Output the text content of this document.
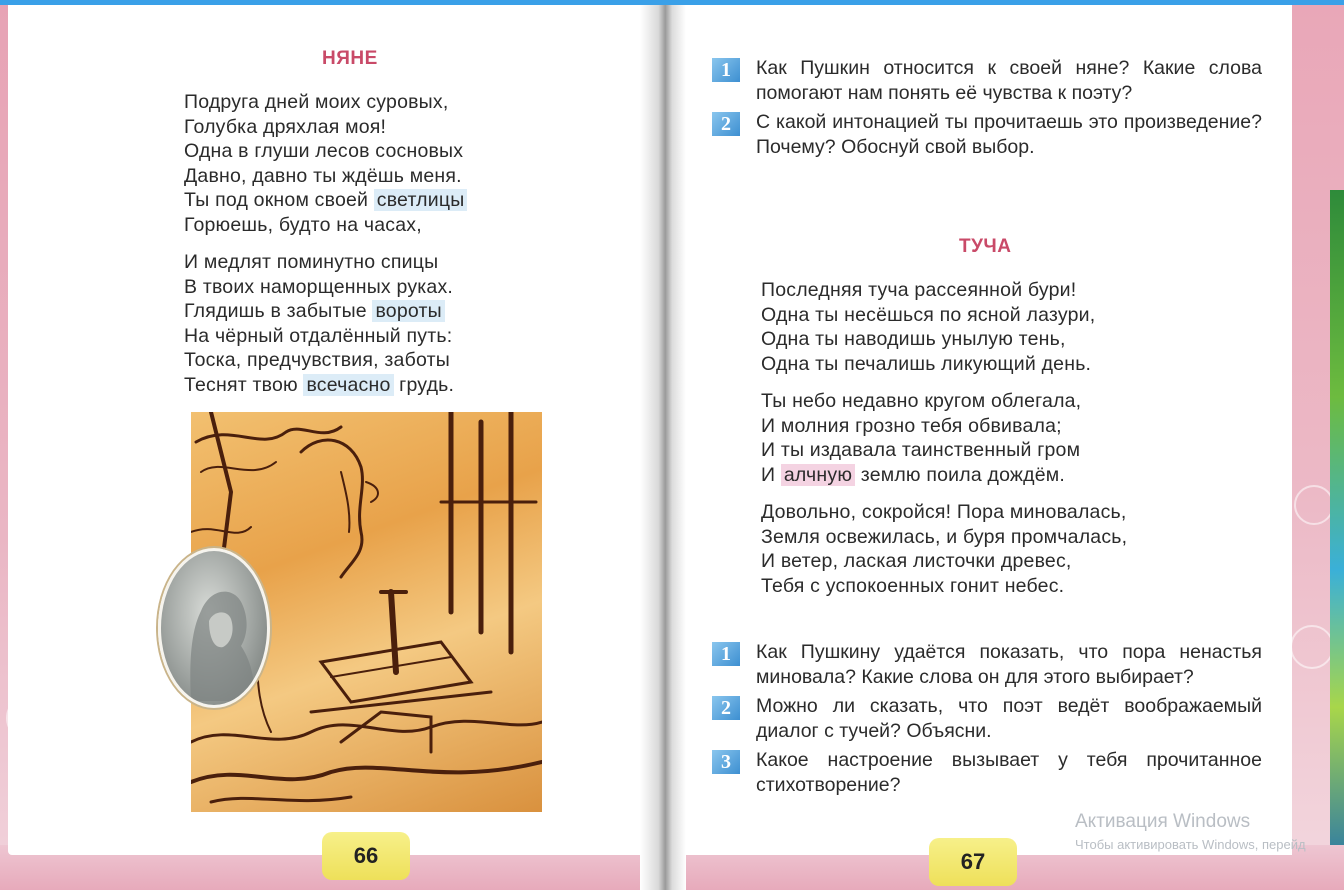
НЯНЕ
Подруга дней моих суровых,
Голубка дряхлая моя!
Одна в глуши лесов сосновых
Давно, давно ты ждёшь меня.
Ты под окном своей светлицы
Горюешь, будто на часах,
И медлят поминутно спицы
В твоих наморщенных руках.
Глядишь в забытые вороты
На чёрный отдалённый путь:
Тоска, предчувствия, заботы
Теснят твою всечасно грудь.
66
1	Как Пушкин относится к своей няне? Какие слова помогают нам понять её чувства к поэту?
2	С какой интонацией ты прочитаешь это произведение? Почему? Обоснуй свой выбор.
ТУЧА
Последняя туча рассеянной бури!
Одна ты несёшься по ясной лазури,
Одна ты наводишь унылую тень,
Одна ты печалишь ликующий день.
Ты небо недавно кругом облегала,
И молния грозно тебя обвивала;
И ты издавала таинственный гром
И алчную землю поила дождём.
Довольно, сокройся! Пора миновалась,
Земля освежилась, и буря промчалась,
И ветер, лаская листочки древес,
Тебя с успокоенных гонит небес.
1	Как Пушкину удаётся показать, что пора ненастья миновала? Какие слова он для этого выбирает?
2	Можно ли сказать, что поэт ведёт воображаемый диалог с тучей? Объясни.
3	Какое настроение вызывает у тебя прочитанное стихотворение?
67
Активация Windows
Чтобы активировать Windows, перейд
